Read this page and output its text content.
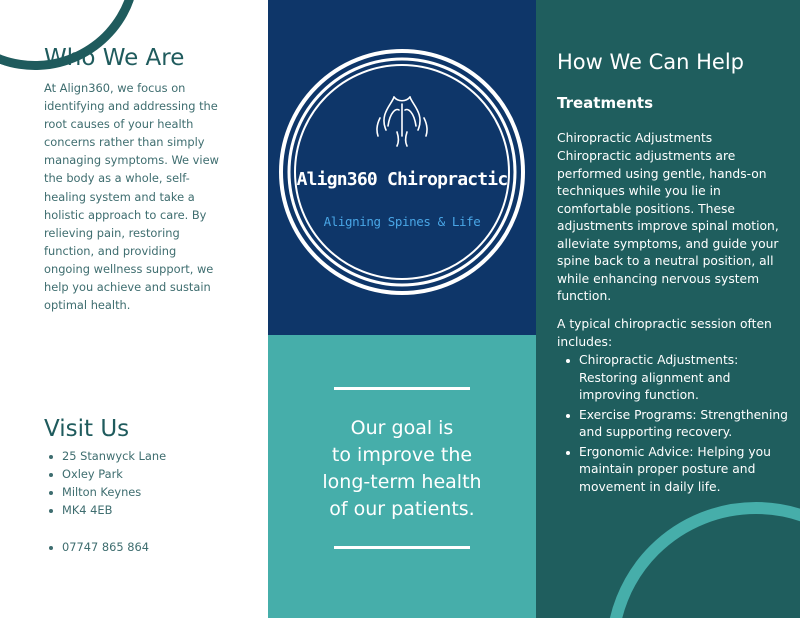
Who We Are

At Align360, we focus on identifying and addressing the root causes of your health concerns rather than simply managing symptoms. We view the body as a whole, self-healing system and take a holistic approach to care. By relieving pain, restoring function, and providing ongoing wellness support, we help you achieve and sustain optimal health.

Visit Us
25 Stanwyck Lane
Oxley Park
Milton Keynes
MK4 4EB
07747 865 864
Align360 Chiropractic
Aligning Spines & Life
Our goal is
to improve the
long-term health
of our patients.
How We Can Help
Treatments

Chiropractic Adjustments

Chiropractic adjustments are performed using gentle, hands-on techniques while you lie in comfortable positions. These adjustments improve spinal motion, alleviate symptoms, and guide your spine back to a neutral position, all while enhancing nervous system function.

A typical chiropractic session often includes:

Chiropractic Adjustments: Restoring alignment and improving function.
Exercise Programs: Strengthening and supporting recovery.
Ergonomic Advice: Helping you maintain proper posture and movement in daily life.
